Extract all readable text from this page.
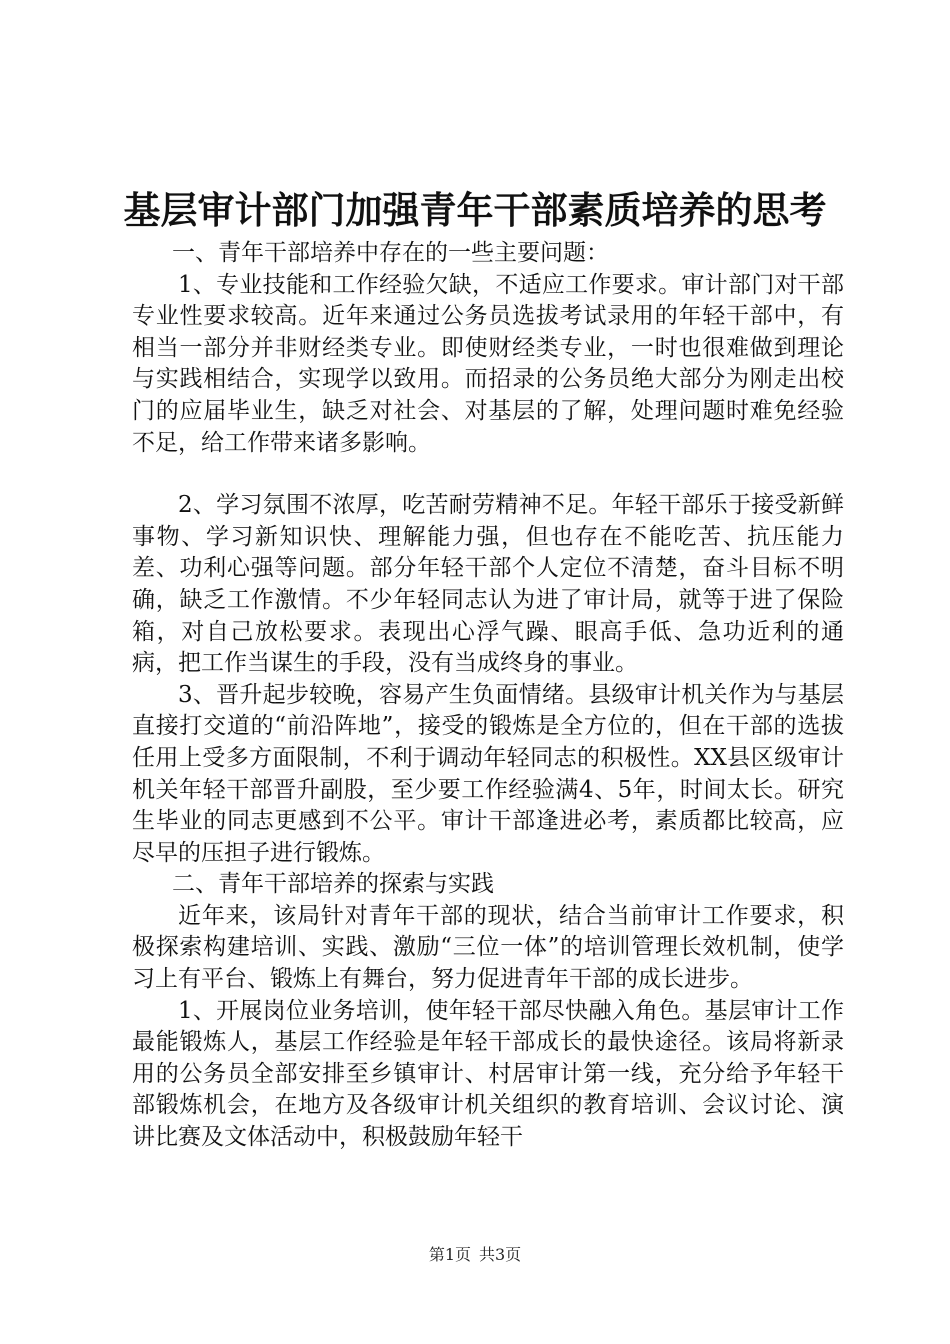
基层审计部门加强青年干部素质培养的思考

一、青年干部培养中存在的一些主要问题：

1、专业技能和工作经验欠缺，不适应工作要求。审计部门对干部专业性要求较高。近年来通过公务员选拔考试录用的年轻干部中，有相当一部分并非财经类专业。即使财经类专业，一时也很难做到理论与实践相结合，实现学以致用。而招录的公务员绝大部分为刚走出校门的应届毕业生，缺乏对社会、对基层的了解，处理问题时难免经验不足，给工作带来诸多影响。

2、学习氛围不浓厚，吃苦耐劳精神不足。年轻干部乐于接受新鲜事物、学习新知识快、理解能力强，但也存在不能吃苦、抗压能力差、功利心强等问题。部分年轻干部个人定位不清楚，奋斗目标不明确，缺乏工作激情。不少年轻同志认为进了审计局，就等于进了保险箱，对自己放松要求。表现出心浮气躁、眼高手低、急功近利的通病，把工作当谋生的手段，没有当成终身的事业。

3、晋升起步较晚，容易产生负面情绪。县级审计机关作为与基层直接打交道的“前沿阵地”，接受的锻炼是全方位的，但在干部的选拔任用上受多方面限制，不利于调动年轻同志的积极性。XX县区级审计机关年轻干部晋升副股，至少要工作经验满4、5年，时间太长。研究生毕业的同志更感到不公平。审计干部逢进必考，素质都比较高，应尽早的压担子进行锻炼。

二、青年干部培养的探索与实践

近年来，该局针对青年干部的现状，结合当前审计工作要求，积极探索构建培训、实践、激励“三位一体”的培训管理长效机制，使学习上有平台、锻炼上有舞台，努力促进青年干部的成长进步。

1、开展岗位业务培训，使年轻干部尽快融入角色。基层审计工作最能锻炼人，基层工作经验是年轻干部成长的最快途径。该局将新录用的公务员全部安排至乡镇审计、村居审计第一线，充分给予年轻干部锻炼机会，在地方及各级审计机关组织的教育培训、会议讨论、演讲比赛及文体活动中，积极鼓励年轻干

第1页 共3页
